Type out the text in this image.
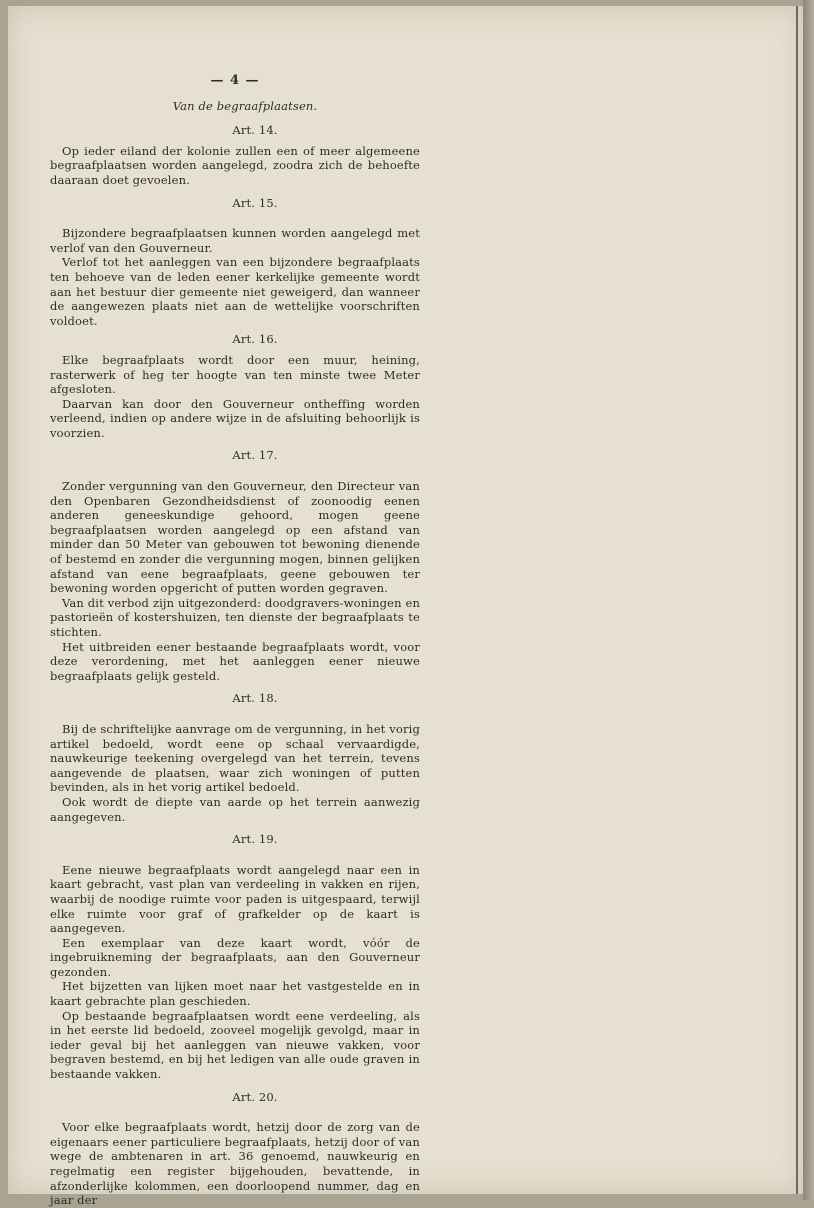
— 4 —
Van de begraafplaatsen.
Art. 14.

Op ieder eiland der kolonie zullen een of meer algemeene begraafplaatsen worden aangelegd, zoodra zich de behoefte daaraan doet gevoelen.

Art. 15.

Bijzondere begraafplaatsen kunnen worden aangelegd met verlof van den Gouverneur.

Verlof tot het aanleggen van een bijzondere begraafplaats ten behoeve van de leden eener kerkelijke gemeente wordt aan het bestuur dier gemeente niet geweigerd, dan wanneer de aangewezen plaats niet aan de wettelijke voorschriften voldoet.

Art. 16.

Elke begraafplaats wordt door een muur, heining, rasterwerk of heg ter hoogte van ten minste twee Meter afgesloten.

Daarvan kan door den Gouverneur ontheffing worden verleend, indien op andere wijze in de afsluiting behoorlijk is voorzien.

Art. 17.

Zonder vergunning van den Gouverneur, den Directeur van den Openbaren Gezondheidsdienst of zoonoodig eenen anderen geneeskundige gehoord, mogen geene begraafplaatsen worden aangelegd op een afstand van minder dan 50 Meter van gebouwen tot bewoning dienende of bestemd en zonder die vergunning mogen, binnen gelijken afstand van eene begraafplaats, geene gebouwen ter bewoning worden opgericht of putten worden gegraven.

Van dit verbod zijn uitgezonderd: doodgravers-woningen en pastorieën of kostershuizen, ten dienste der begraafplaats te stichten.

Het uitbreiden eener bestaande begraafplaats wordt, voor deze verordening, met het aanleggen eener nieuwe begraafplaats gelijk gesteld.

Art. 18.

Bij de schriftelijke aanvrage om de vergunning, in het vorig artikel bedoeld, wordt eene op schaal vervaardigde, nauwkeurige teekening overgelegd van het terrein, tevens aangevende de plaatsen, waar zich woningen of putten bevinden, als in het vorig artikel bedoeld.

Ook wordt de diepte van aarde op het terrein aanwezig aangegeven.

Art. 19.

Eene nieuwe begraafplaats wordt aangelegd naar een in kaart gebracht, vast plan van verdeeling in vakken en rijen, waarbij de noodige ruimte voor paden is uitgespaard, terwijl elke ruimte voor graf of grafkelder op de kaart is aangegeven.

Een exemplaar van deze kaart wordt, vóór de ingebruikneming der begraafplaats, aan den Gouverneur gezonden.

Het bijzetten van lijken moet naar het vastgestelde en in kaart gebrachte plan geschieden.

Op bestaande begraafplaatsen wordt eene verdeeling, als in het eerste lid bedoeld, zooveel mogelijk gevolgd, maar in ieder geval bij het aanleggen van nieuwe vakken, voor begraven bestemd, en bij het ledigen van alle oude graven in bestaande vakken.

Art. 20.

Voor elke begraafplaats wordt, hetzij door de zorg van de eigenaars eener particuliere begraafplaats, hetzij door of van wege de ambtenaren in art. 36 genoemd, nauwkeurig en regelmatig een register bijgehouden, bevattende, in afzonderlijke kolommen, een doorloopend nummer, dag en jaar der
